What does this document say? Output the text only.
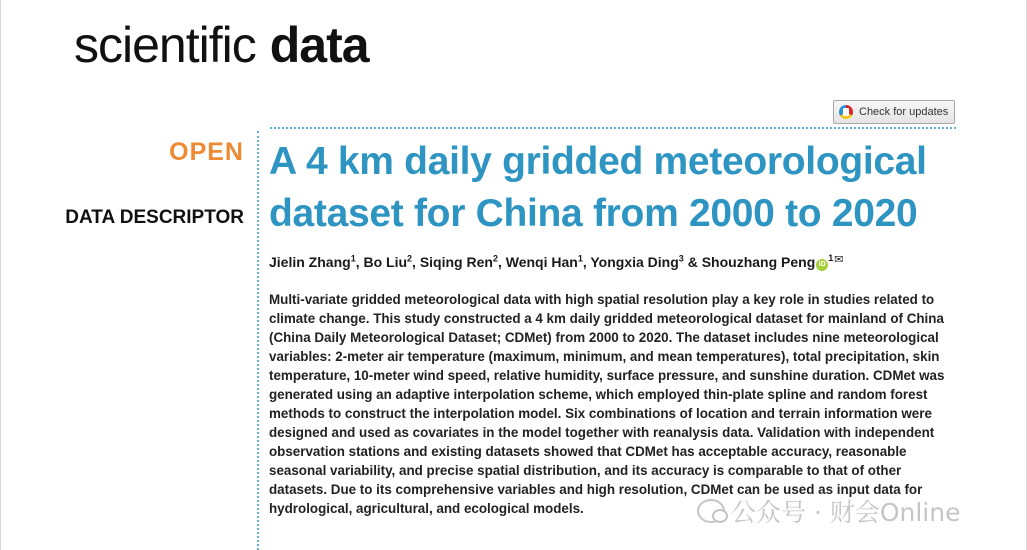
scientific data
Check for updates
OPEN
DATA DESCRIPTOR
A 4 km daily gridded meteorological dataset for China from 2000 to 2020
Jielin Zhang$^1$, Bo Liu$^2$, Siqing Ren$^2$, Wenqi Han$^1$, Yongxia Ding$^3$ & Shouzhang Peng $iD^1✉$

Multi-variate gridded meteorological data with high spatial resolution play a key role in studies related to climate change. This study constructed a 4 km daily gridded meteorological dataset for mainland of China (China Daily Meteorological Dataset; CDMet) from 2000 to 2020. The dataset includes nine meteorological variables: 2-meter air temperature (maximum, minimum, and mean temperatures), total precipitation, skin temperature, 10-meter wind speed, relative humidity, surface pressure, and sunshine duration. CDMet was generated using an adaptive interpolation scheme, which employed thin-plate spline and random forest methods to construct the interpolation model. Six combinations of location and terrain information were designed and used as covariates in the model together with reanalysis data. Validation with independent observation stations and existing datasets showed that CDMet has acceptable accuracy, reasonable seasonal variability, and precise spatial distribution, and its accuracy is comparable to that of other datasets. Due to its comprehensive variables and high resolution, CDMet can be used as input data for hydrological, agricultural, and ecological models.	公众号 · 财会Online
